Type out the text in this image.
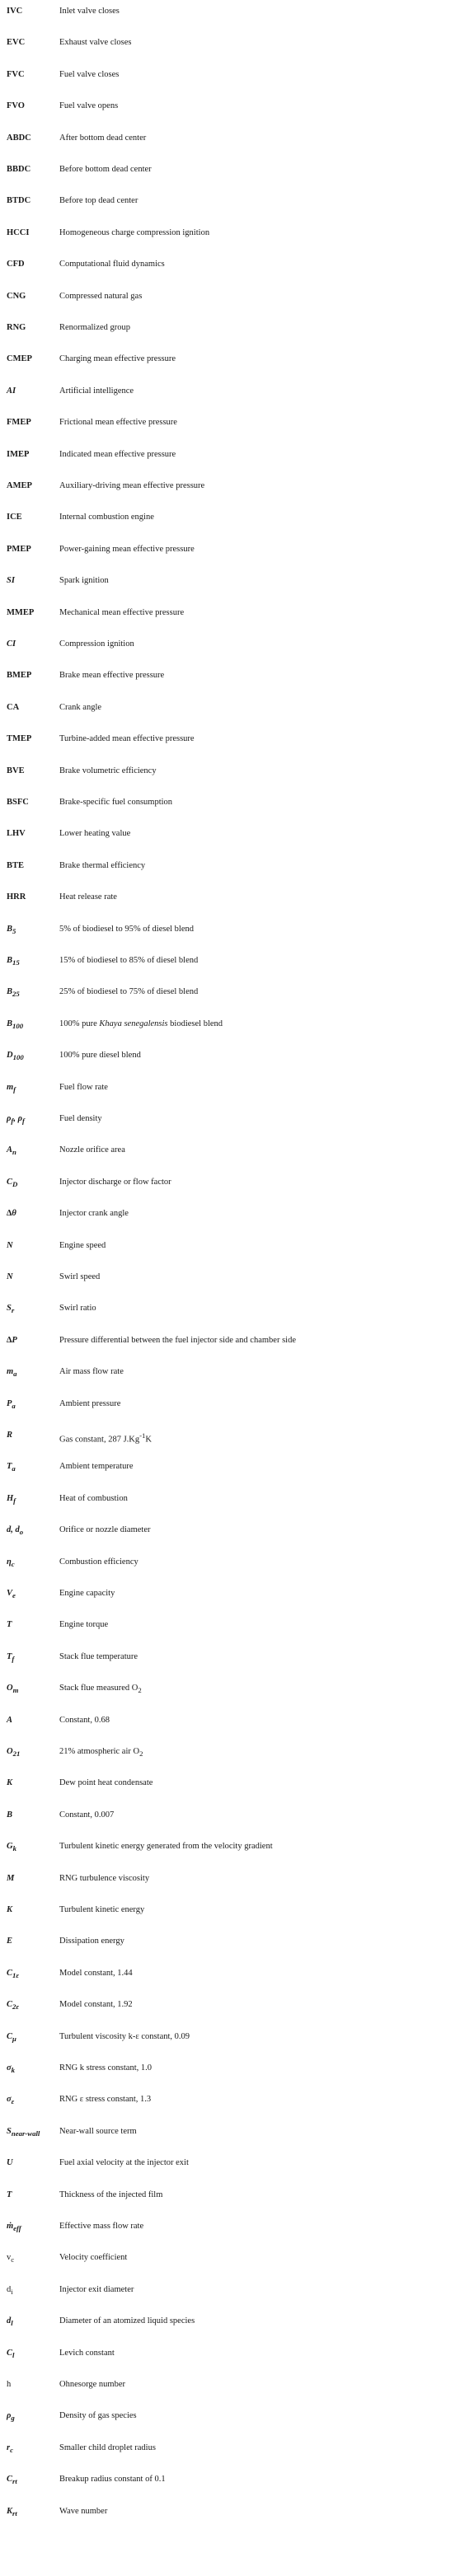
IVC	Inlet valve closes
EVC	Exhaust valve closes
FVC	Fuel valve closes
FVO	Fuel valve opens
ABDC	After bottom dead center
BBDC	Before bottom dead center
BTDC	Before top dead center
HCCI	Homogeneous charge compression ignition
CFD	Computational fluid dynamics
CNG	Compressed natural gas
RNG	Renormalized group
CMEP	Charging mean effective pressure
AI	Artificial intelligence
FMEP	Frictional mean effective pressure
IMEP	Indicated mean effective pressure
AMEP	Auxiliary-driving mean effective pressure
ICE	Internal combustion engine
PMEP	Power-gaining mean effective pressure
SI	Spark ignition
MMEP	Mechanical mean effective pressure
CI	Compression ignition
BMEP	Brake mean effective pressure
CA	Crank angle
TMEP	Turbine-added mean effective pressure
BVE	Brake volumetric efficiency
BSFC	Brake-specific fuel consumption
LHV	Lower heating value
BTE	Brake thermal efficiency
HRR	Heat release rate
$B_5$	5% of biodiesel to 95% of diesel blend
$B_{15}$	15% of biodiesel to 85% of diesel blend
$B_{25}$	25% of biodiesel to 75% of diesel blend
$B_{100}$	100% pure Khaya senegalensis biodiesel blend
$D_{100}$	100% pure diesel blend
$m_f$	Fuel flow rate
$\rho_f$, $\rho_f$	Fuel density
$A_n$	Nozzle orifice area
$C_D$	Injector discharge or flow factor
∆θ	Injector crank angle
N	Engine speed
N	Swirl speed
$S_r$	Swirl ratio
∆P	Pressure differential between the fuel injector side and chamber side
$m_a$	Air mass flow rate
$P_a$	Ambient pressure
R	Gas constant, 287 $J.Kg^{-1}K$
$T_a$	Ambient temperature
$H_f$	Heat of combustion
d, $d_o$	Orifice or nozzle diameter
$\eta_c$	Combustion efficiency
$V_e$	Engine capacity
T	Engine torque
$T_f$	Stack flue temperature
$O_m$	Stack flue measured $O_2$
A	Constant, 0.68
$O_{21}$	21% atmospheric air $O_2$
K	Dew point heat condensate
B	Constant, 0.007
$G_k$	Turbulent kinetic energy generated from the velocity gradient
M	RNG turbulence viscosity
K	Turbulent kinetic energy
E	Dissipation energy
$C_{1\varepsilon}$	Model constant, 1.44
$C_{2\varepsilon}$	Model constant, 1.92
$C_\mu$	Turbulent viscosity k-ε constant, 0.09
$\sigma_k$	RNG k stress constant, 1.0
$\sigma_\varepsilon$	RNG ε stress constant, 1.3
$S_{near-wall}$	Near-wall source term
U	Fuel axial velocity at the injector exit
T	Thickness of the injected film
ṁ$_{eff}$	Effective mass flow rate
$v_c$	Velocity coefficient
$d_i$	Injector exit diameter
$d_l$	Diameter of an atomized liquid species
$C_l$	Levich constant
h	Ohnesorge number
$\rho_g$	Density of gas species
$r_c$	Smaller child droplet radius
$C_{rt}$	Breakup radius constant of 0.1
$K_{rt}$	Wave number
